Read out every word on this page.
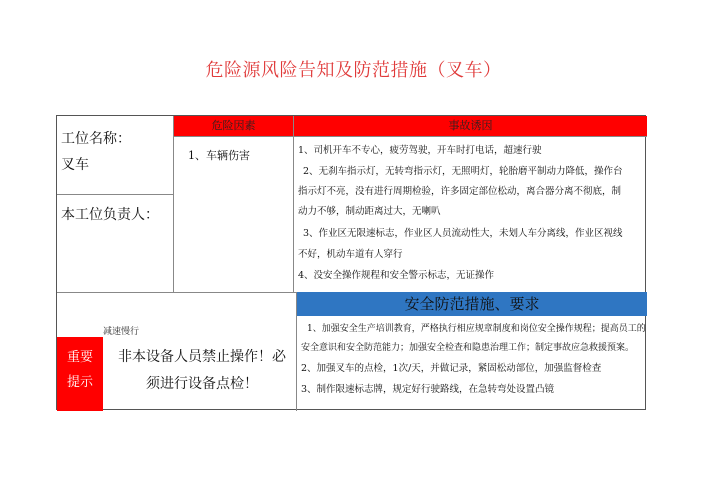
危险源风险告知及防范措施（叉车）
工位名称：
叉车
本工位负责人：
危险因素	事故诱因
1、车辆伤害	1、司机开车不专心，疲劳驾驶，开车时打电话，超速行驶
2、无刹车指示灯，无转弯指示灯，无照明灯，轮胎磨平制动力降低，操作台
指示灯不亮，没有进行周期检验，许多固定部位松动，离合器分离不彻底，制
动力不够，制动距离过大，无喇叭
3、作业区无限速标志，作业区人员流动性大，未划人车分离线，作业区视线
不好，机动车道有人穿行
4、没安全操作规程和安全警示标志，无证操作
减速慢行
重要
提示
非本设备人员禁止操作！必
须进行设备点检！
安全防范措施、要求
1、加强安全生产培训教育，严格执行相应规章制度和岗位安全操作规程；提高员工的
安全意识和安全防范能力；加强安全检查和隐患治理工作；制定事故应急救援预案。
2、加强叉车的点检，1次/天，并做记录，紧固松动部位，加强监督检查
3、制作限速标志牌，规定好行驶路线，在急转弯处设置凸镜
